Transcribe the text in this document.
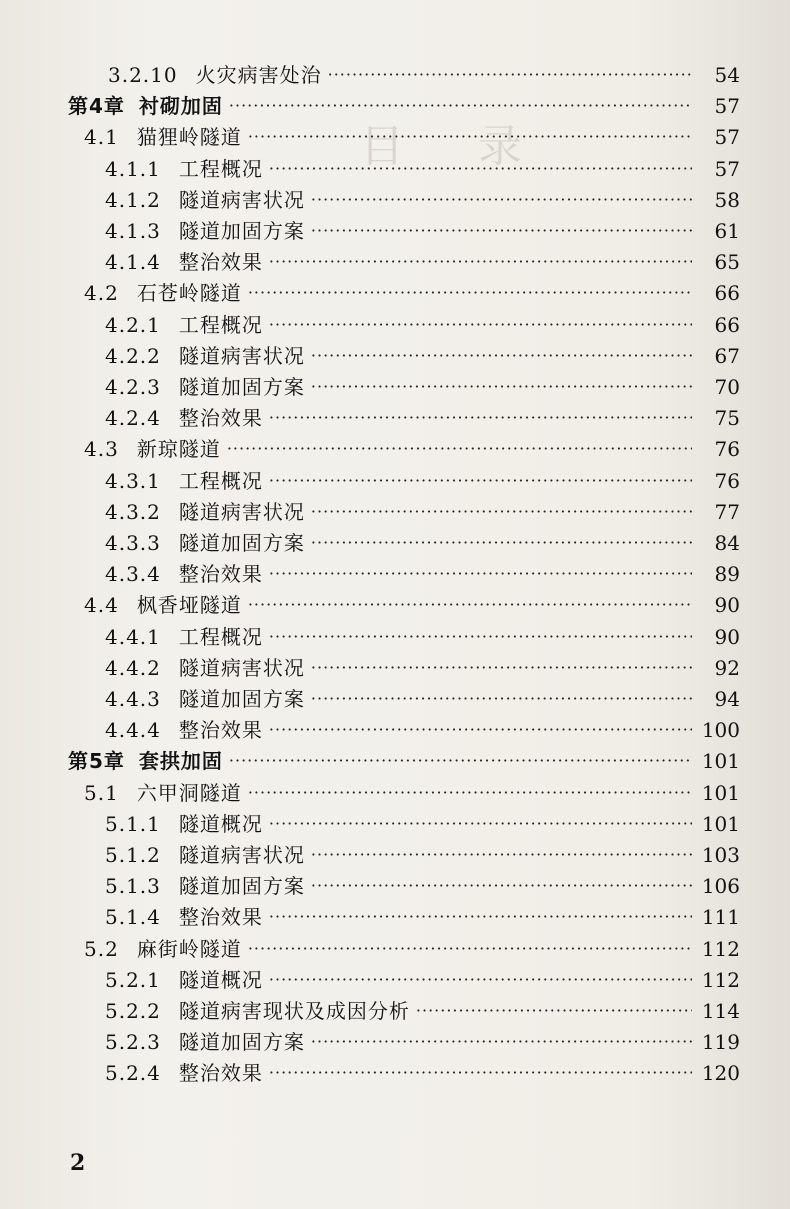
目 录
3.2.10 火灾病害处治 ·····	54
第4章 衬砌加固 ·····	57
4.1 猫狸岭隧道 ·····	57
4.1.1 工程概况 ·····	57
4.1.2 隧道病害状况 ·····	58
4.1.3 隧道加固方案 ·····	61
4.1.4 整治效果 ·····	65
4.2 石苍岭隧道 ·····	66
4.2.1 工程概况 ·····	66
4.2.2 隧道病害状况 ·····	67
4.2.3 隧道加固方案 ·····	70
4.2.4 整治效果 ·····	75
4.3 新琼隧道 ·····	76
4.3.1 工程概况 ·····	76
4.3.2 隧道病害状况 ·····	77
4.3.3 隧道加固方案 ·····	84
4.3.4 整治效果 ·····	89
4.4 枫香垭隧道 ·····	90
4.4.1 工程概况 ·····	90
4.4.2 隧道病害状况 ·····	92
4.4.3 隧道加固方案 ·····	94
4.4.4 整治效果 ·····	100
第5章 套拱加固 ·····	101
5.1 六甲洞隧道 ·····	101
5.1.1 隧道概况 ·····	101
5.1.2 隧道病害状况 ·····	103
5.1.3 隧道加固方案 ·····	106
5.1.4 整治效果 ·····	111
5.2 麻街岭隧道 ·····	112
5.2.1 隧道概况 ·····	112
5.2.2 隧道病害现状及成因分析 ·····	114
5.2.3 隧道加固方案 ·····	119
5.2.4 整治效果 ·····	120
2
